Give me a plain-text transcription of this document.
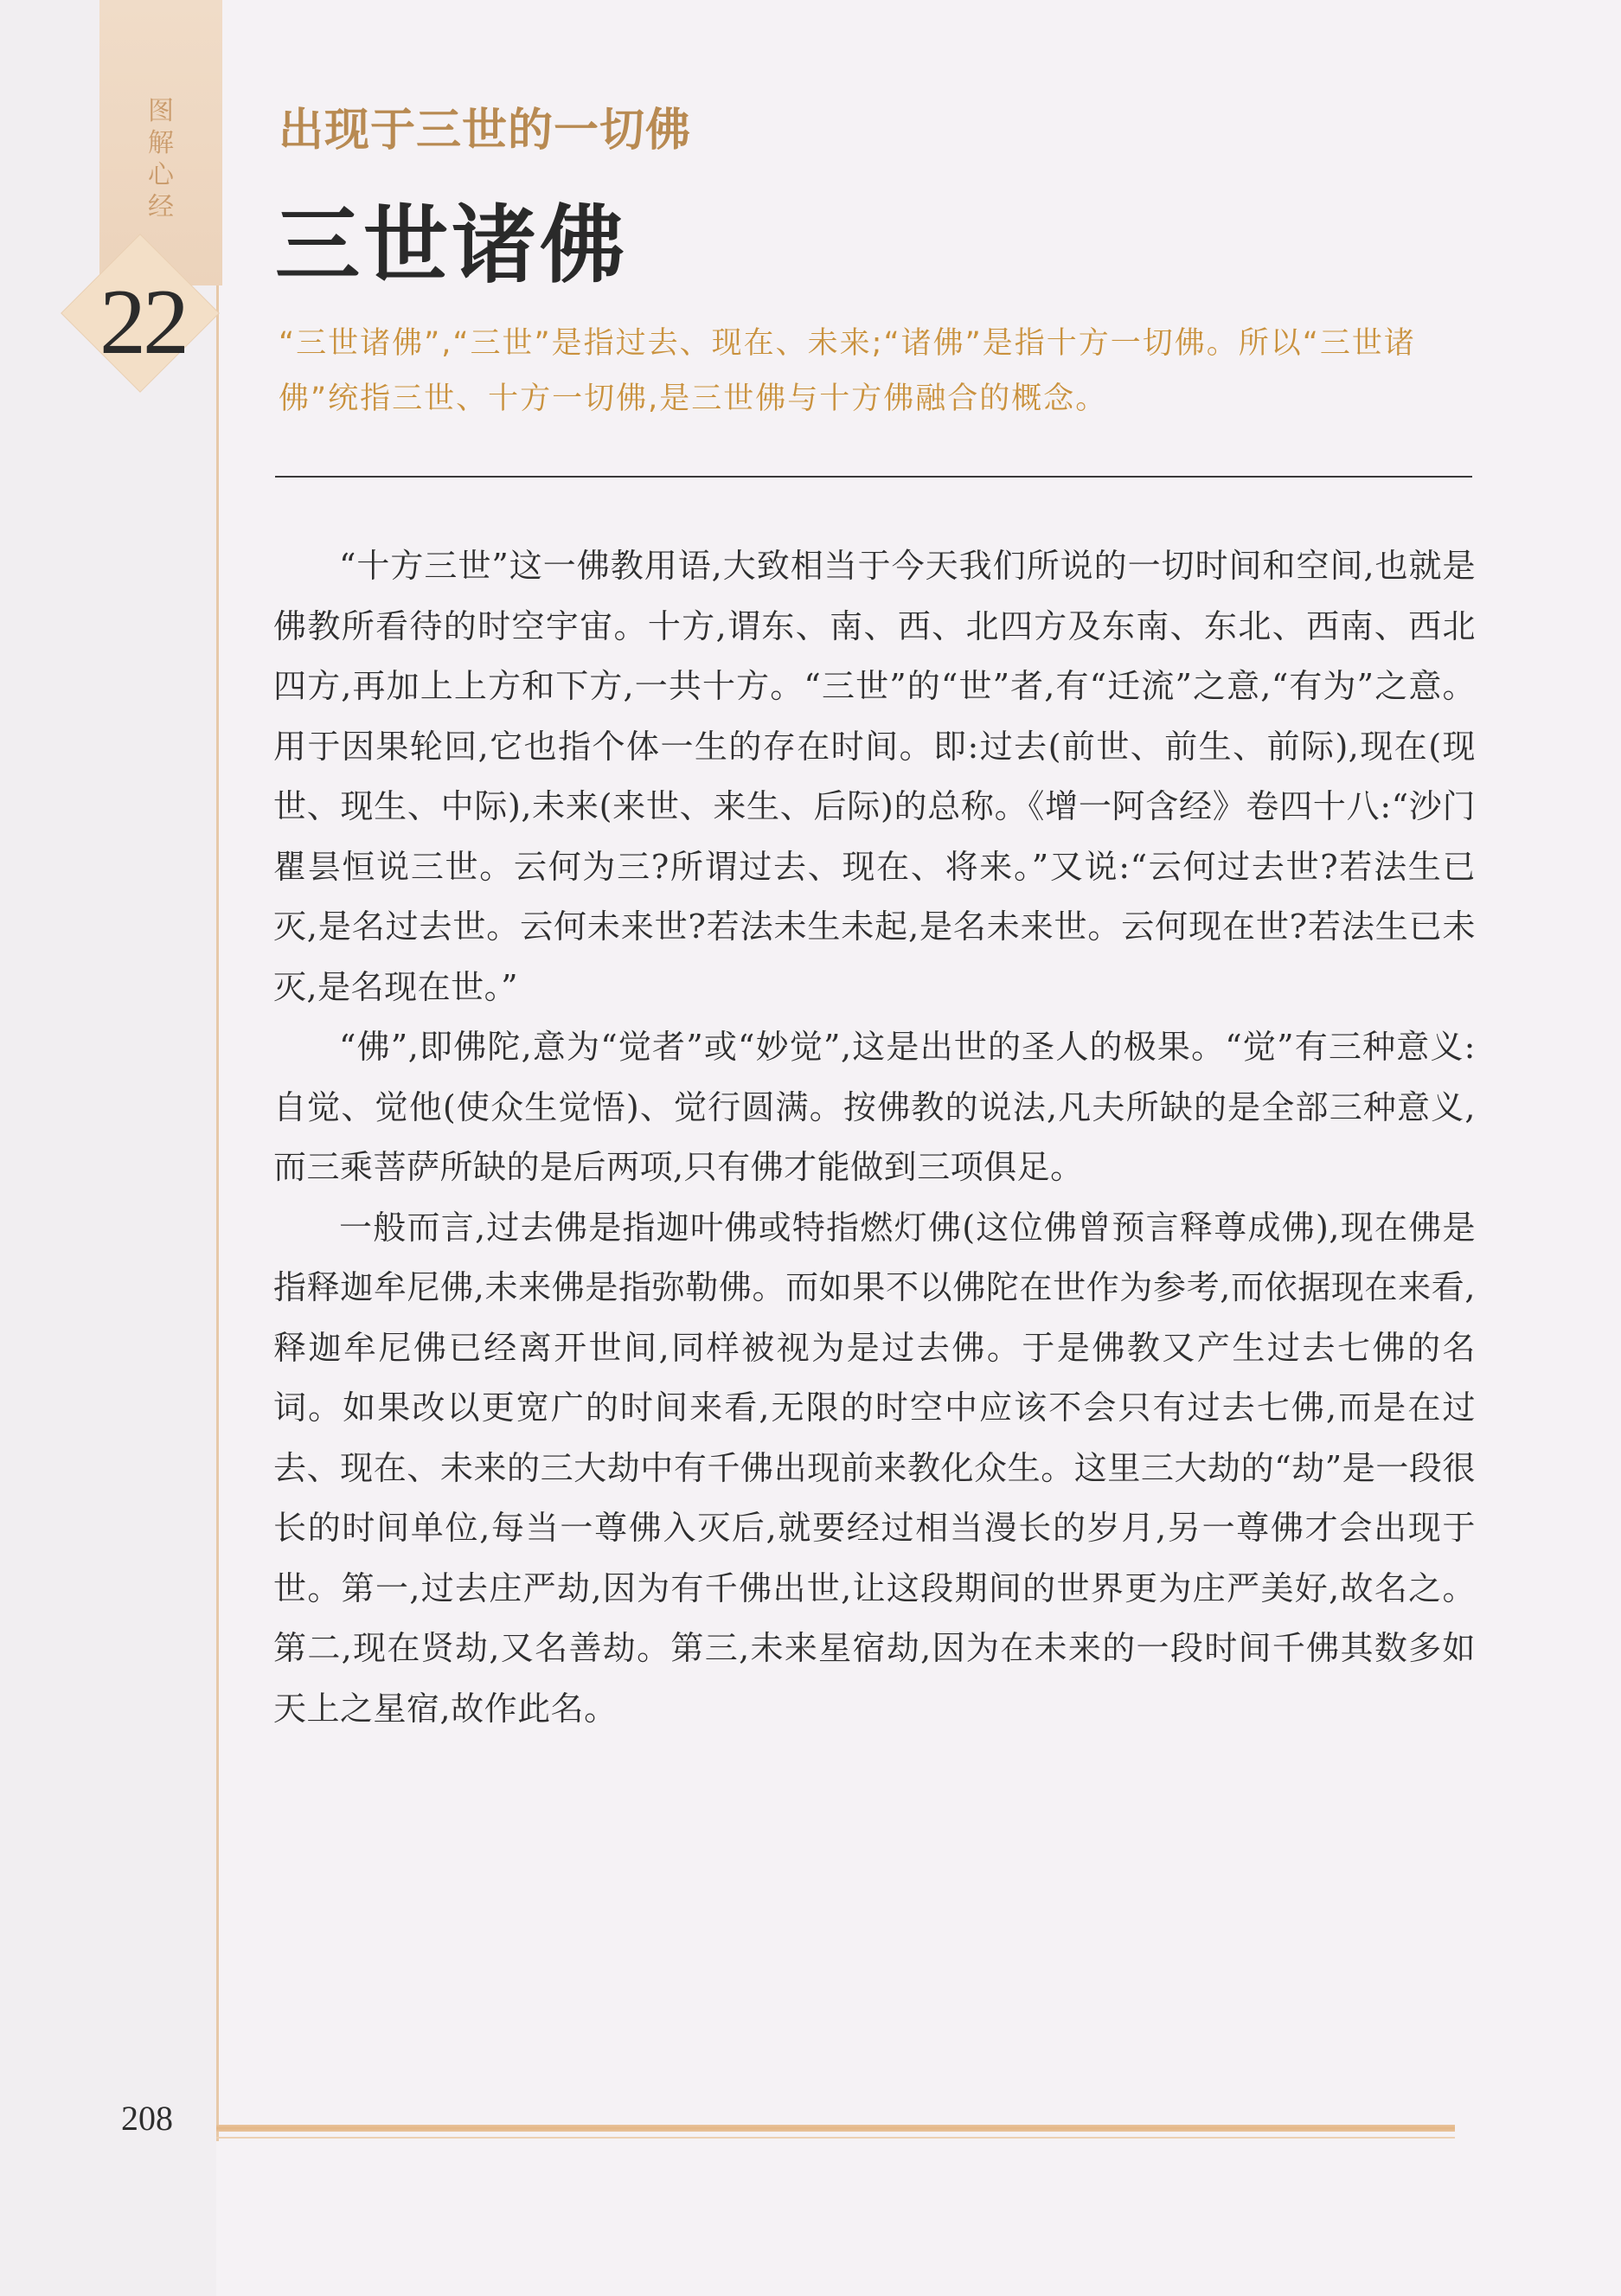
图
解
心
经
22
出现于三世的一切佛
三世诸佛
“三世诸佛”,“三世”是指过去、现在、未来;“诸佛”是指十方一切佛。所以“三世诸佛”统指三世、十方一切佛,是三世佛与十方佛融合的概念。

“十方三世”这一佛教用语,大致相当于今天我们所说的一切时间和空间,也就是佛教所看待的时空宇宙。十方,谓东、南、西、北四方及东南、东北、西南、西北四方,再加上上方和下方,一共十方。“三世”的“世”者,有“迁流”之意,“有为”之意。用于因果轮回,它也指个体一生的存在时间。即:过去(前世、前生、前际),现在(现世、现生、中际),未来(来世、来生、后际)的总称。《增一阿含经》卷四十八:“沙门瞿昙恒说三世。云何为三?所谓过去、现在、将来。”又说:“云何过去世?若法生已灭,是名过去世。云何未来世?若法未生未起,是名未来世。云何现在世?若法生已未灭,是名现在世。”

“佛”,即佛陀,意为“觉者”或“妙觉”,这是出世的圣人的极果。“觉”有三种意义:自觉、觉他(使众生觉悟)、觉行圆满。按佛教的说法,凡夫所缺的是全部三种意义,而三乘菩萨所缺的是后两项,只有佛才能做到三项俱足。

一般而言,过去佛是指迦叶佛或特指燃灯佛(这位佛曾预言释尊成佛),现在佛是指释迦牟尼佛,未来佛是指弥勒佛。而如果不以佛陀在世作为参考,而依据现在来看,释迦牟尼佛已经离开世间,同样被视为是过去佛。于是佛教又产生过去七佛的名词。如果改以更宽广的时间来看,无限的时空中应该不会只有过去七佛,而是在过去、现在、未来的三大劫中有千佛出现前来教化众生。这里三大劫的“劫”是一段很长的时间单位,每当一尊佛入灭后,就要经过相当漫长的岁月,另一尊佛才会出现于世。第一,过去庄严劫,因为有千佛出世,让这段期间的世界更为庄严美好,故名之。第二,现在贤劫,又名善劫。第三,未来星宿劫,因为在未来的一段时间千佛其数多如天上之星宿,故作此名。

208
